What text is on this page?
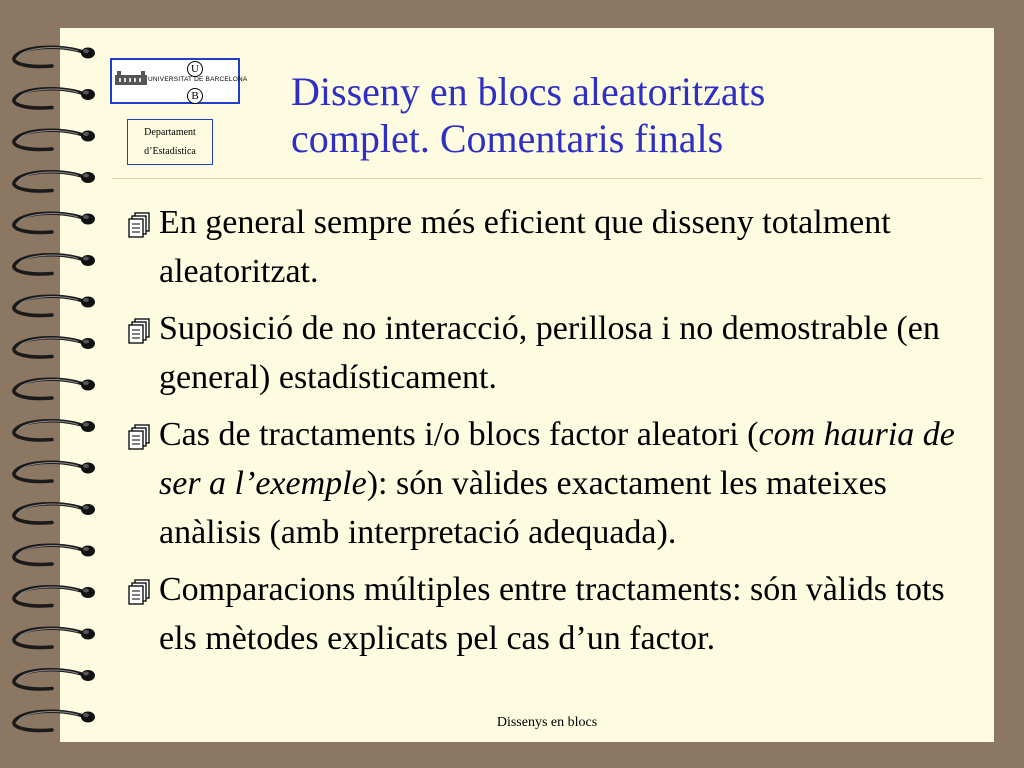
U
UNIVERSITAT DE BARCELONA
B
Departament
d’Estadística
Disseny en blocs aleatoritzats
complet. Comentaris finals
En general sempre més eficient que disseny totalment aleatoritzat.
Suposició de no interacció, perillosa i no demostrable (en general) estadísticament.
Cas de tractaments i/o blocs factor aleatori (com hauria de ser a l’exemple): són vàlides exactament les mateixes anàlisis (amb interpretació adequada).
Comparacions múltiples entre tractaments: són vàlids tots els mètodes explicats pel cas d’un factor.
Dissenys en blocs
